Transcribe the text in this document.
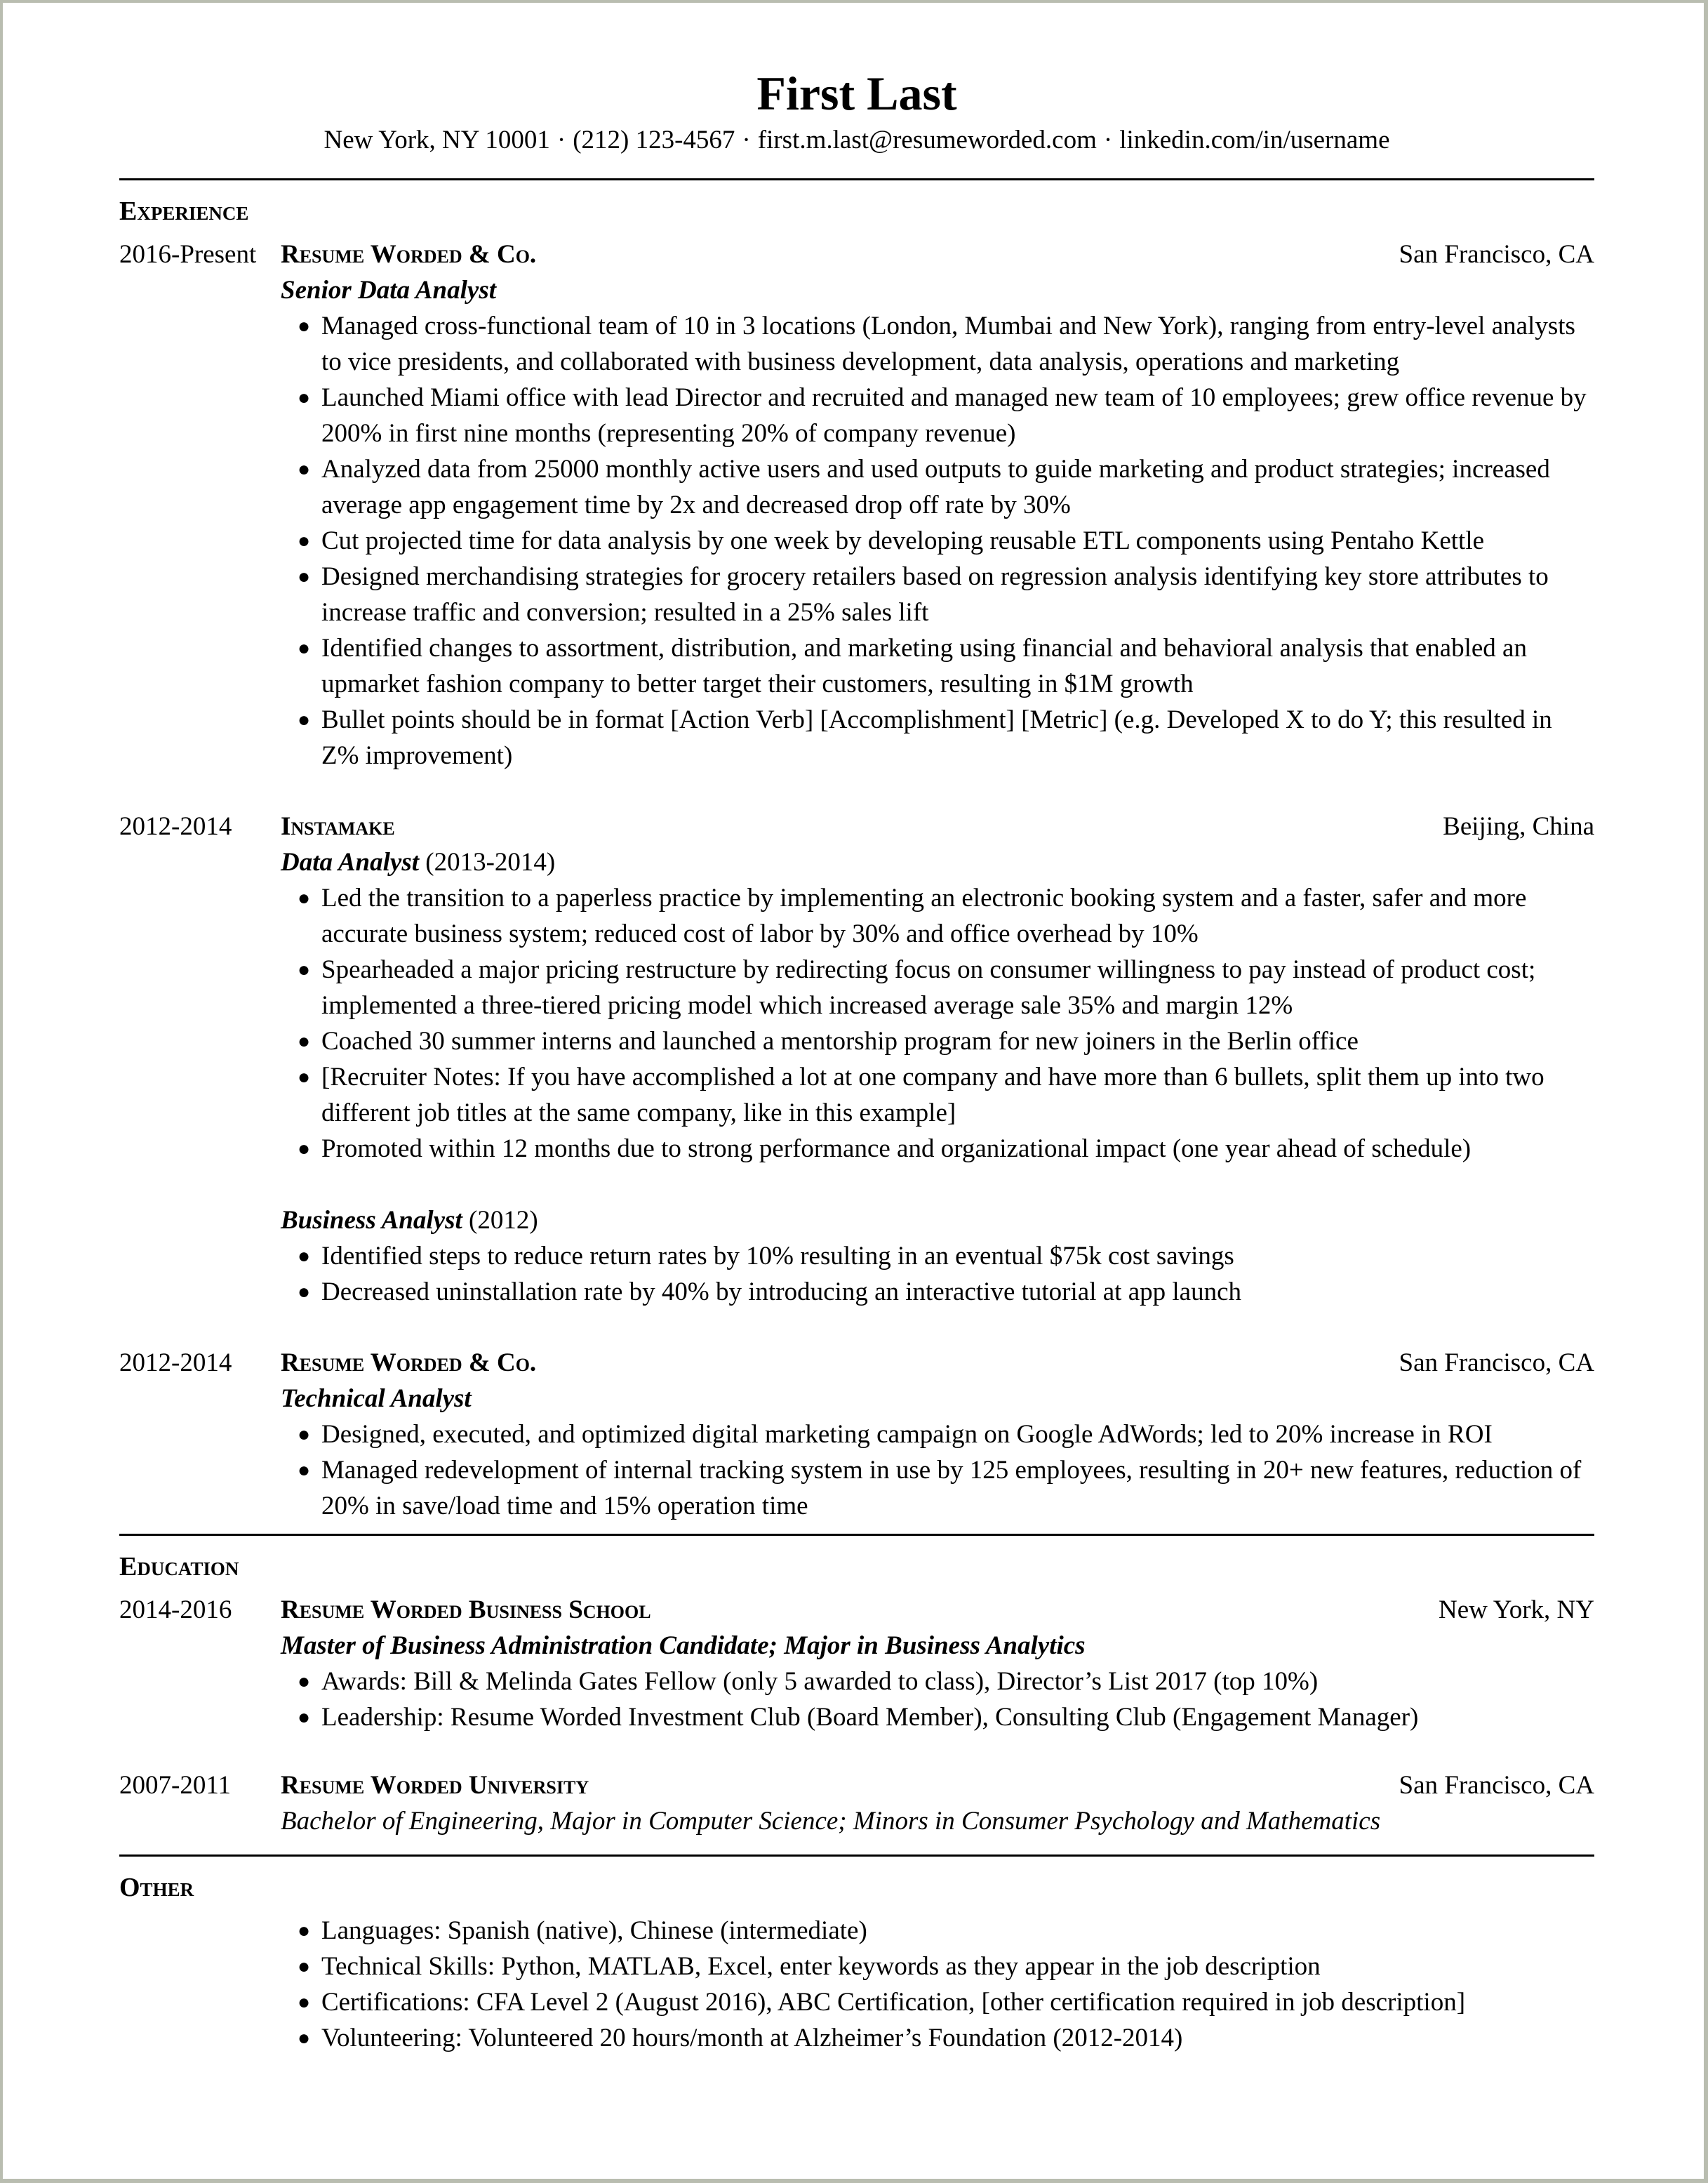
First Last
New York, NY 10001 · (212) 123-4567 · first.m.last@resumeworded.com · linkedin.com/in/username
Experience
2016-Present Resume Worded & Co.	San Francisco, CA
Senior Data Analyst
● Managed cross-functional team of 10 in 3 locations (London, Mumbai and New York), ranging from entry-level analysts to vice presidents, and collaborated with business development, data analysis, operations and marketing
● Launched Miami office with lead Director and recruited and managed new team of 10 employees; grew office revenue by 200% in first nine months (representing 20% of company revenue)
● Analyzed data from 25000 monthly active users and used outputs to guide marketing and product strategies; increased average app engagement time by 2x and decreased drop off rate by 30%
● Cut projected time for data analysis by one week by developing reusable ETL components using Pentaho Kettle
● Designed merchandising strategies for grocery retailers based on regression analysis identifying key store attributes to increase traffic and conversion; resulted in a 25% sales lift
● Identified changes to assortment, distribution, and marketing using financial and behavioral analysis that enabled an upmarket fashion company to better target their customers, resulting in $1M growth
● Bullet points should be in format [Action Verb] [Accomplishment] [Metric] (e.g. Developed X to do Y; this resulted in Z% improvement)
2012-2014	Instamake	Beijing, China
Data Analyst (2013-2014)
● Led the transition to a paperless practice by implementing an electronic booking system and a faster, safer and more accurate business system; reduced cost of labor by 30% and office overhead by 10%
● Spearheaded a major pricing restructure by redirecting focus on consumer willingness to pay instead of product cost; implemented a three-tiered pricing model which increased average sale 35% and margin 12%
● Coached 30 summer interns and launched a mentorship program for new joiners in the Berlin office
● [Recruiter Notes: If you have accomplished a lot at one company and have more than 6 bullets, split them up into two different job titles at the same company, like in this example]
● Promoted within 12 months due to strong performance and organizational impact (one year ahead of schedule)
Business Analyst (2012)
● Identified steps to reduce return rates by 10% resulting in an eventual $75k cost savings
● Decreased uninstallation rate by 40% by introducing an interactive tutorial at app launch
2012-2014	Resume Worded & Co.	San Francisco, CA
Technical Analyst
● Designed, executed, and optimized digital marketing campaign on Google AdWords; led to 20% increase in ROI
● Managed redevelopment of internal tracking system in use by 125 employees, resulting in 20+ new features, reduction of 20% in save/load time and 15% operation time
Education
2014-2016	Resume Worded Business School	New York, NY
Master of Business Administration Candidate; Major in Business Analytics
● Awards: Bill & Melinda Gates Fellow (only 5 awarded to class), Director’s List 2017 (top 10%)
● Leadership: Resume Worded Investment Club (Board Member), Consulting Club (Engagement Manager)
2007-2011	Resume Worded University	San Francisco, CA
Bachelor of Engineering, Major in Computer Science; Minors in Consumer Psychology and Mathematics
Other
● Languages: Spanish (native), Chinese (intermediate)
● Technical Skills: Python, MATLAB, Excel, enter keywords as they appear in the job description
● Certifications: CFA Level 2 (August 2016), ABC Certification, [other certification required in job description]
● Volunteering: Volunteered 20 hours/month at Alzheimer’s Foundation (2012-2014)
